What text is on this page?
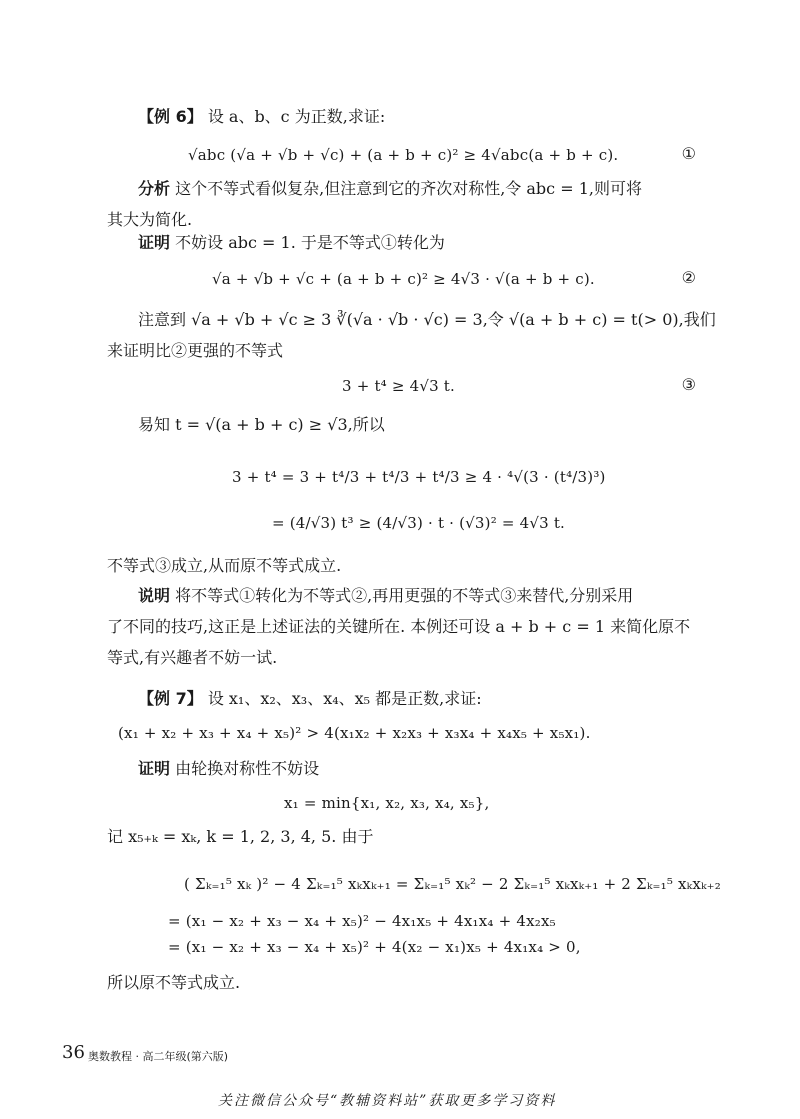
【例 6】 设 a、b、c 为正数,求证:
√abc (√a + √b + √c) + (a + b + c)² ≥ 4√abc(a + b + c).	①
分析 这个不等式看似复杂,但注意到它的齐次对称性,令 abc = 1,则可将
其大为简化.
证明 不妨设 abc = 1. 于是不等式①转化为
√a + √b + √c + (a + b + c)² ≥ 4√3 · √(a + b + c).	②
注意到 √a + √b + √c ≥ 3 ∛(√a · √b · √c) = 3,令 √(a + b + c) = t(> 0),我们
来证明比②更强的不等式
3 + t⁴ ≥ 4√3 t.	③
易知 t = √(a + b + c) ≥ √3,所以
3 + t⁴ = 3 + t⁴/3 + t⁴/3 + t⁴/3 ≥ 4 · ⁴√(3 · (t⁴/3)³)
= (4/√3) t³ ≥ (4/√3) · t · (√3)² = 4√3 t.
不等式③成立,从而原不等式成立.
说明 将不等式①转化为不等式②,再用更强的不等式③来替代,分别采用
了不同的技巧,这正是上述证法的关键所在. 本例还可设 a + b + c = 1 来简化原不
等式,有兴趣者不妨一试.
【例 7】 设 x₁、x₂、x₃、x₄、x₅ 都是正数,求证:
(x₁ + x₂ + x₃ + x₄ + x₅)² > 4(x₁x₂ + x₂x₃ + x₃x₄ + x₄x₅ + x₅x₁).
证明 由轮换对称性不妨设
x₁ = min{x₁, x₂, x₃, x₄, x₅},
记 x₅₊ₖ = xₖ, k = 1, 2, 3, 4, 5. 由于
( Σₖ₌₁⁵ xₖ )² − 4 Σₖ₌₁⁵ xₖxₖ₊₁ = Σₖ₌₁⁵ xₖ² − 2 Σₖ₌₁⁵ xₖxₖ₊₁ + 2 Σₖ₌₁⁵ xₖxₖ₊₂
= (x₁ − x₂ + x₃ − x₄ + x₅)² − 4x₁x₅ + 4x₁x₄ + 4x₂x₅
= (x₁ − x₂ + x₃ − x₄ + x₅)² + 4(x₂ − x₁)x₅ + 4x₁x₄ > 0,
所以原不等式成立.
36 奥数教程 · 高二年级(第六版)
关注微信公众号“教辅资料站”获取更多学习资料
